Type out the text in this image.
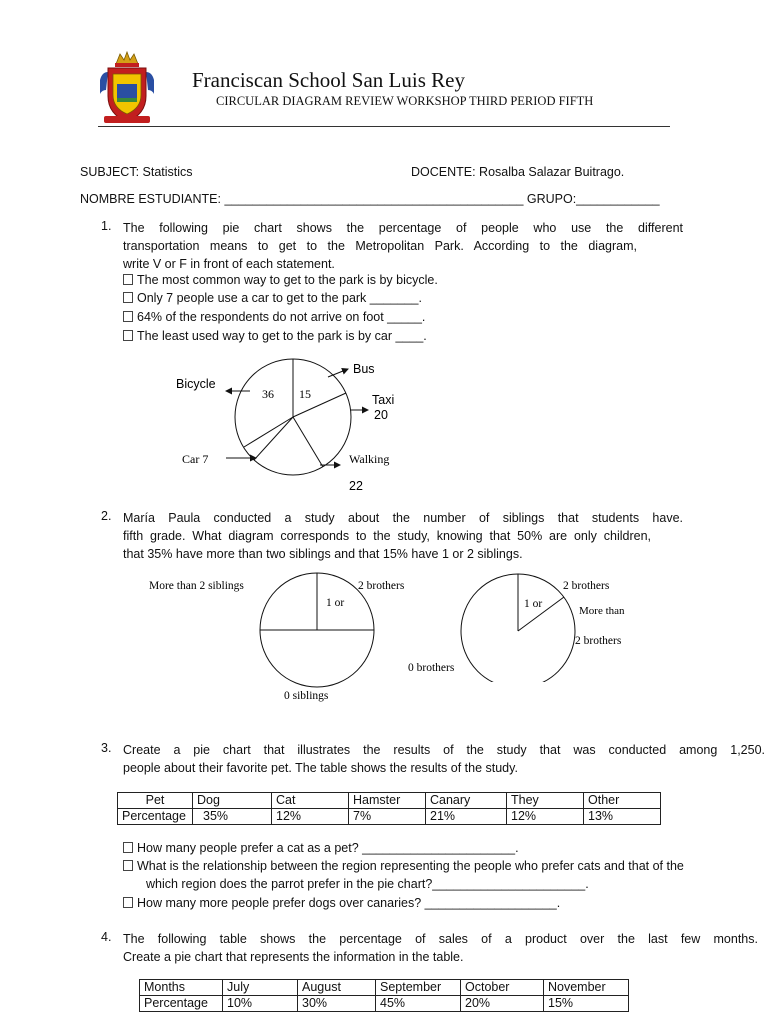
Franciscan School San Luis Rey
CIRCULAR DIAGRAM REVIEW WORKSHOP THIRD PERIOD FIFTH
SUBJECT: Statistics	DOCENTE: Rosalba Salazar Buitrago.
NOMBRE ESTUDIANTE: ___________________________________________ GRUPO:____________
1. The following pie chart shows the percentage of people who use the different
transportation means to get to the Metropolitan Park. According to the diagram,
write V or F in front of each statement.
The most common way to get to the park is by bicycle.
Only 7 people use a car to get to the park _______.
64% of the respondents do not arrive on foot _____.
The least used way to get to the park is by car ____.
Bicycle
36 15
Bus
Taxi
20
Car 7	Walking
22
2. María Paula conducted a study about the number of siblings that students have.
fifth grade. What diagram corresponds to the study, knowing that 50% are only children,
that 35% have more than two siblings and that 15% have 1 or 2 siblings.
More than 2 siblings	2 brothers
1 or
0 siblings
2 brothers
1 or
More than
2 brothers
0 brothers
3. Create a pie chart that illustrates the results of the study that was conducted among 1,250.
people about their favorite pet. The table shows the results of the study.
Pet	Dog	Cat	Hamster	Canary	They	Other
Percentage	35%	12%	7%	21%	12%	13%
How many people prefer a cat as a pet? ______________________.
What is the relationship between the region representing the people who prefer cats and that of the
which region does the parrot prefer in the pie chart?______________________.
How many more people prefer dogs over canaries? ___________________.
4. The following table shows the percentage of sales of a product over the last few months.
Create a pie chart that represents the information in the table.
Months	July	August	September	October	November
Percentage	10%	30%	45%	20%	15%
